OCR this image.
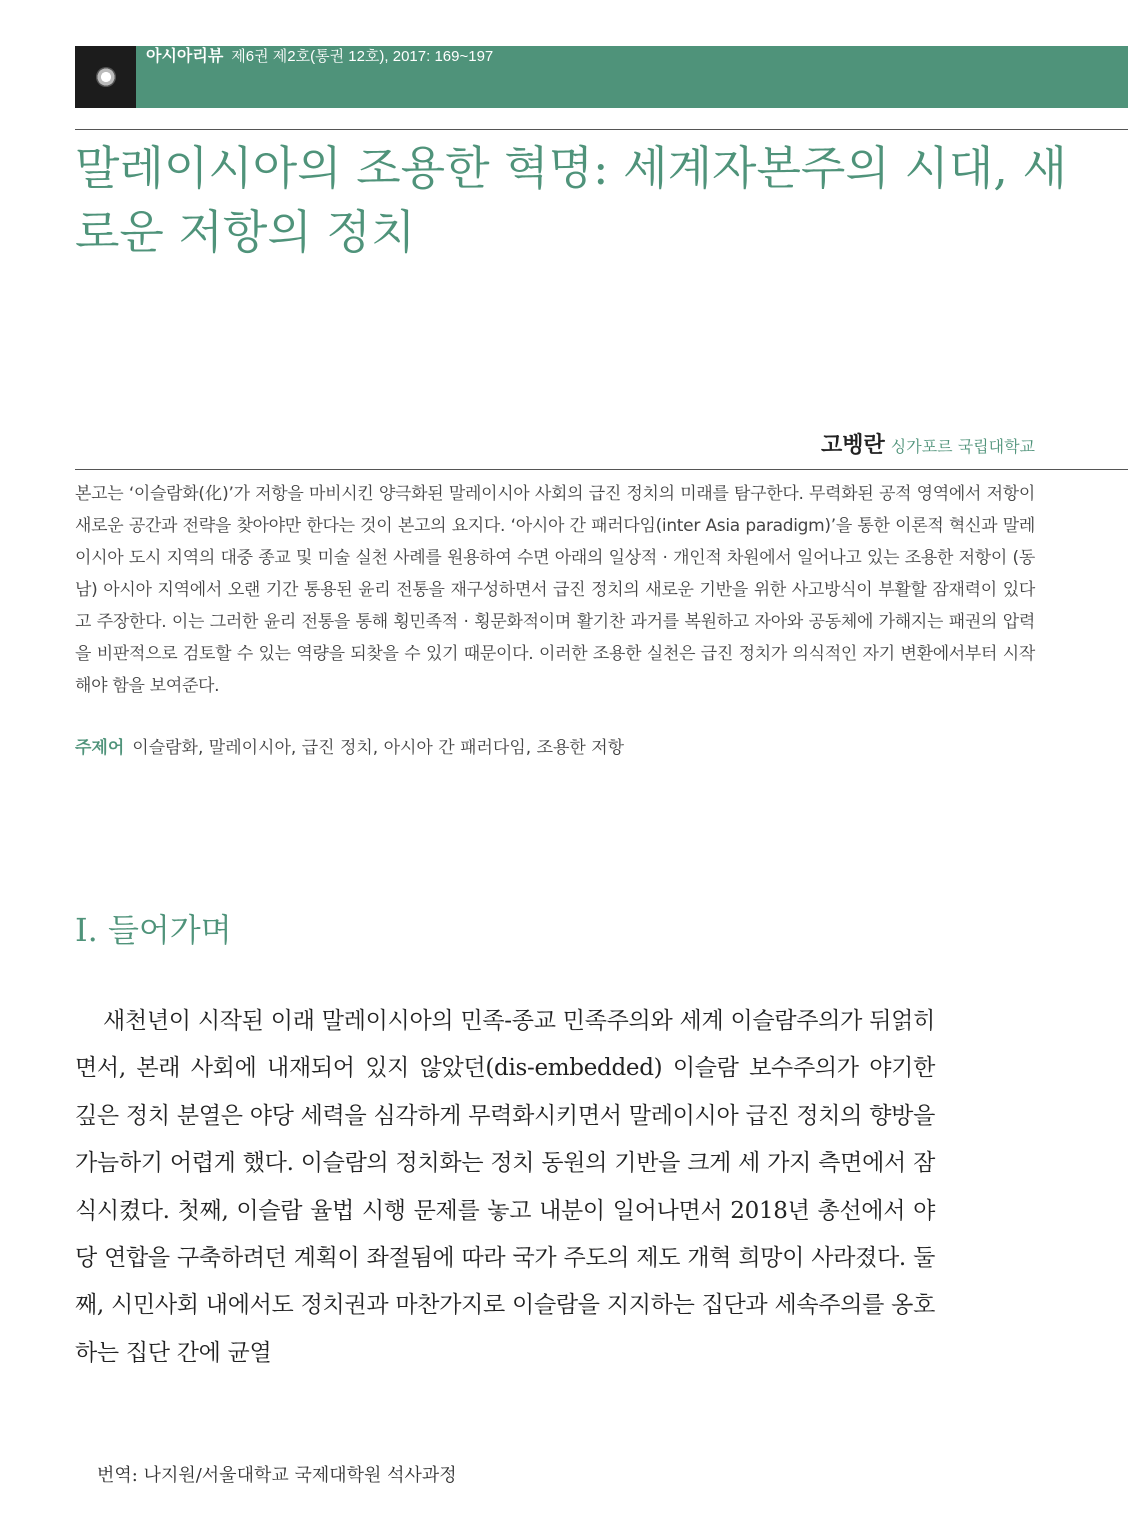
아시아리뷰 제6권 제2호(통권 12호), 2017: 169~197
말레이시아의 조용한 혁명: 세계자본주의 시대, 새로운 저항의 정치
고벵란 싱가포르 국립대학교

본고는 ‘이슬람화(化)’가 저항을 마비시킨 양극화된 말레이시아 사회의 급진 정치의 미래를 탐구한다. 무력화된 공적 영역에서 저항이 새로운 공간과 전략을 찾아야만 한다는 것이 본고의 요지다. ‘아시아 간 패러다임(inter Asia paradigm)’을 통한 이론적 혁신과 말레이시아 도시 지역의 대중 종교 및 미술 실천 사례를 원용하여 수면 아래의 일상적 · 개인적 차원에서 일어나고 있는 조용한 저항이 (동남) 아시아 지역에서 오랜 기간 통용된 윤리 전통을 재구성하면서 급진 정치의 새로운 기반을 위한 사고방식이 부활할 잠재력이 있다고 주장한다. 이는 그러한 윤리 전통을 통해 횡민족적 · 횡문화적이며 활기찬 과거를 복원하고 자아와 공동체에 가해지는 패권의 압력을 비판적으로 검토할 수 있는 역량을 되찾을 수 있기 때문이다. 이러한 조용한 실천은 급진 정치가 의식적인 자기 변환에서부터 시작해야 함을 보여준다.

주제어 이슬람화, 말레이시아, 급진 정치, 아시아 간 패러다임, 조용한 저항
I. 들어가며

새천년이 시작된 이래 말레이시아의 민족-종교 민족주의와 세계 이슬람주의가 뒤얽히면서, 본래 사회에 내재되어 있지 않았던(dis-embedded) 이슬람 보수주의가 야기한 깊은 정치 분열은 야당 세력을 심각하게 무력화시키면서 말레이시아 급진 정치의 향방을 가늠하기 어렵게 했다. 이슬람의 정치화는 정치 동원의 기반을 크게 세 가지 측면에서 잠식시켰다. 첫째, 이슬람 율법 시행 문제를 놓고 내분이 일어나면서 2018년 총선에서 야당 연합을 구축하려던 계획이 좌절됨에 따라 국가 주도의 제도 개혁 희망이 사라졌다. 둘째, 시민사회 내에서도 정치권과 마찬가지로 이슬람을 지지하는 집단과 세속주의를 옹호하는 집단 간에 균열

번역: 나지원/서울대학교 국제대학원 석사과정
